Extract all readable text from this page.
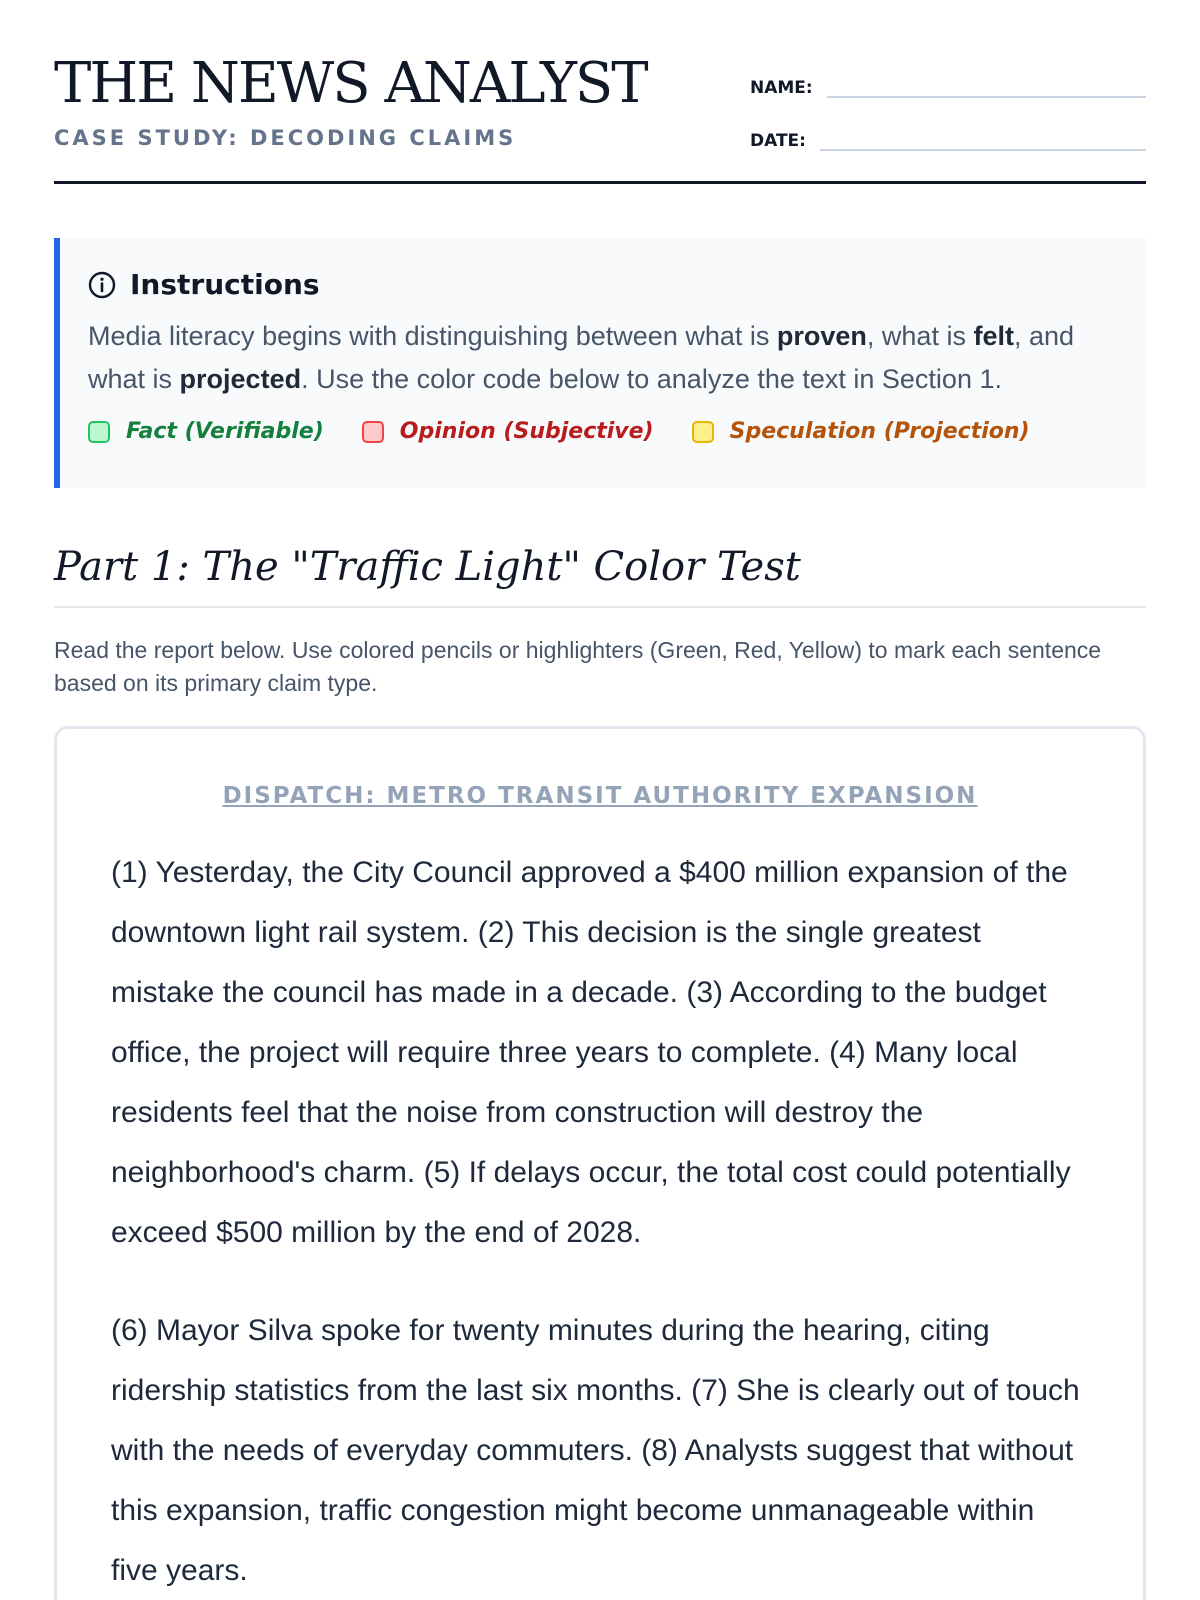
THE NEWS ANALYST
CASE STUDY: DECODING CLAIMS
NAME:
DATE:
Instructions

Media literacy begins with distinguishing between what is proven, what is felt, and what is projected. Use the color code below to analyze the text in Section 1.

Fact (Verifiable)	Opinion (Subjective)	Speculation (Projection)
Part 1: The "Traffic Light" Color Test

Read the report below. Use colored pencils or highlighters (Green, Red, Yellow) to mark each sentence based on its primary claim type.

DISPATCH: METRO TRANSIT AUTHORITY EXPANSION

(1) Yesterday, the City Council approved a $400 million expansion of the downtown light rail system. (2) This decision is the single greatest mistake the council has made in a decade. (3) According to the budget office, the project will require three years to complete. (4) Many local residents feel that the noise from construction will destroy the neighborhood's charm. (5) If delays occur, the total cost could potentially exceed $500 million by the end of 2028.

(6) Mayor Silva spoke for twenty minutes during the hearing, citing ridership statistics from the last six months. (7) She is clearly out of touch with the needs of everyday commuters. (8) Analysts suggest that without this expansion, traffic congestion might become unmanageable within five years.
